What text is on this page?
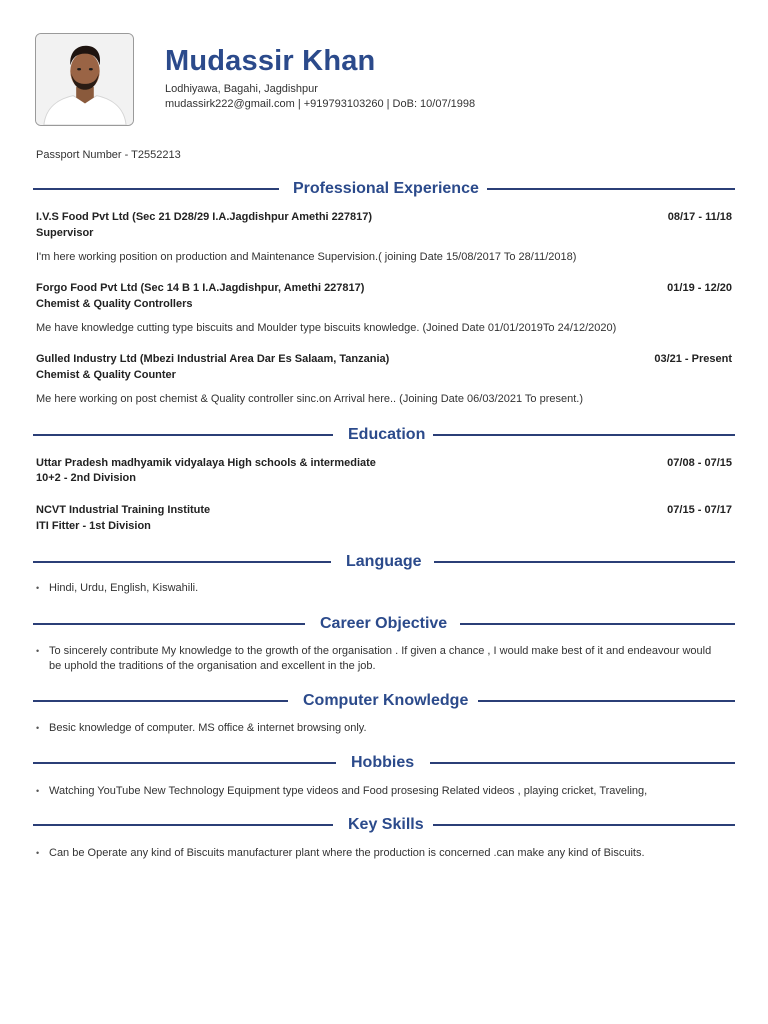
Mudassir Khan
Lodhiyawa, Bagahi, Jagdishpur
mudassirk222@gmail.com | +919793103260 | DoB: 10/07/1998
Passport Number - T2552213
Professional Experience
I.V.S Food Pvt Ltd (Sec 21 D28/29 I.A.Jagdishpur Amethi 227817)	08/17 - 11/18
Supervisor
I'm here working position on production and Maintenance Supervision.( joining Date 15/08/2017 To 28/11/2018)
Forgo Food Pvt Ltd (Sec 14 B 1 I.A.Jagdishpur, Amethi 227817)	01/19 - 12/20
Chemist & Quality Controllers
Me have knowledge cutting type biscuits and Moulder type biscuits knowledge. (Joined Date 01/01/2019To 24/12/2020)
Gulled Industry Ltd (Mbezi Industrial Area Dar Es Salaam, Tanzania)	03/21 - Present
Chemist & Quality Counter
Me here working on post chemist & Quality controller sinc.on Arrival here.. (Joining Date 06/03/2021 To present.)
Education
Uttar Pradesh madhyamik vidyalaya High schools & intermediate	07/08 - 07/15
10+2 - 2nd Division
NCVT Industrial Training Institute	07/15 - 07/17
ITI Fitter - 1st Division
Language
• Hindi, Urdu, English, Kiswahili.
Career Objective
• To sincerely contribute My knowledge to the growth of the organisation . If given a chance , I would make best of it and endeavour would be uphold the traditions of the organisation and excellent in the job.
Computer Knowledge
• Besic knowledge of computer. MS office & internet browsing only.
Hobbies
• Watching YouTube New Technology Equipment type videos and Food prosesing Related videos , playing cricket, Traveling,
Key Skills
• Can be Operate any kind of Biscuits manufacturer plant where the production is concerned .can make any kind of Biscuits.
